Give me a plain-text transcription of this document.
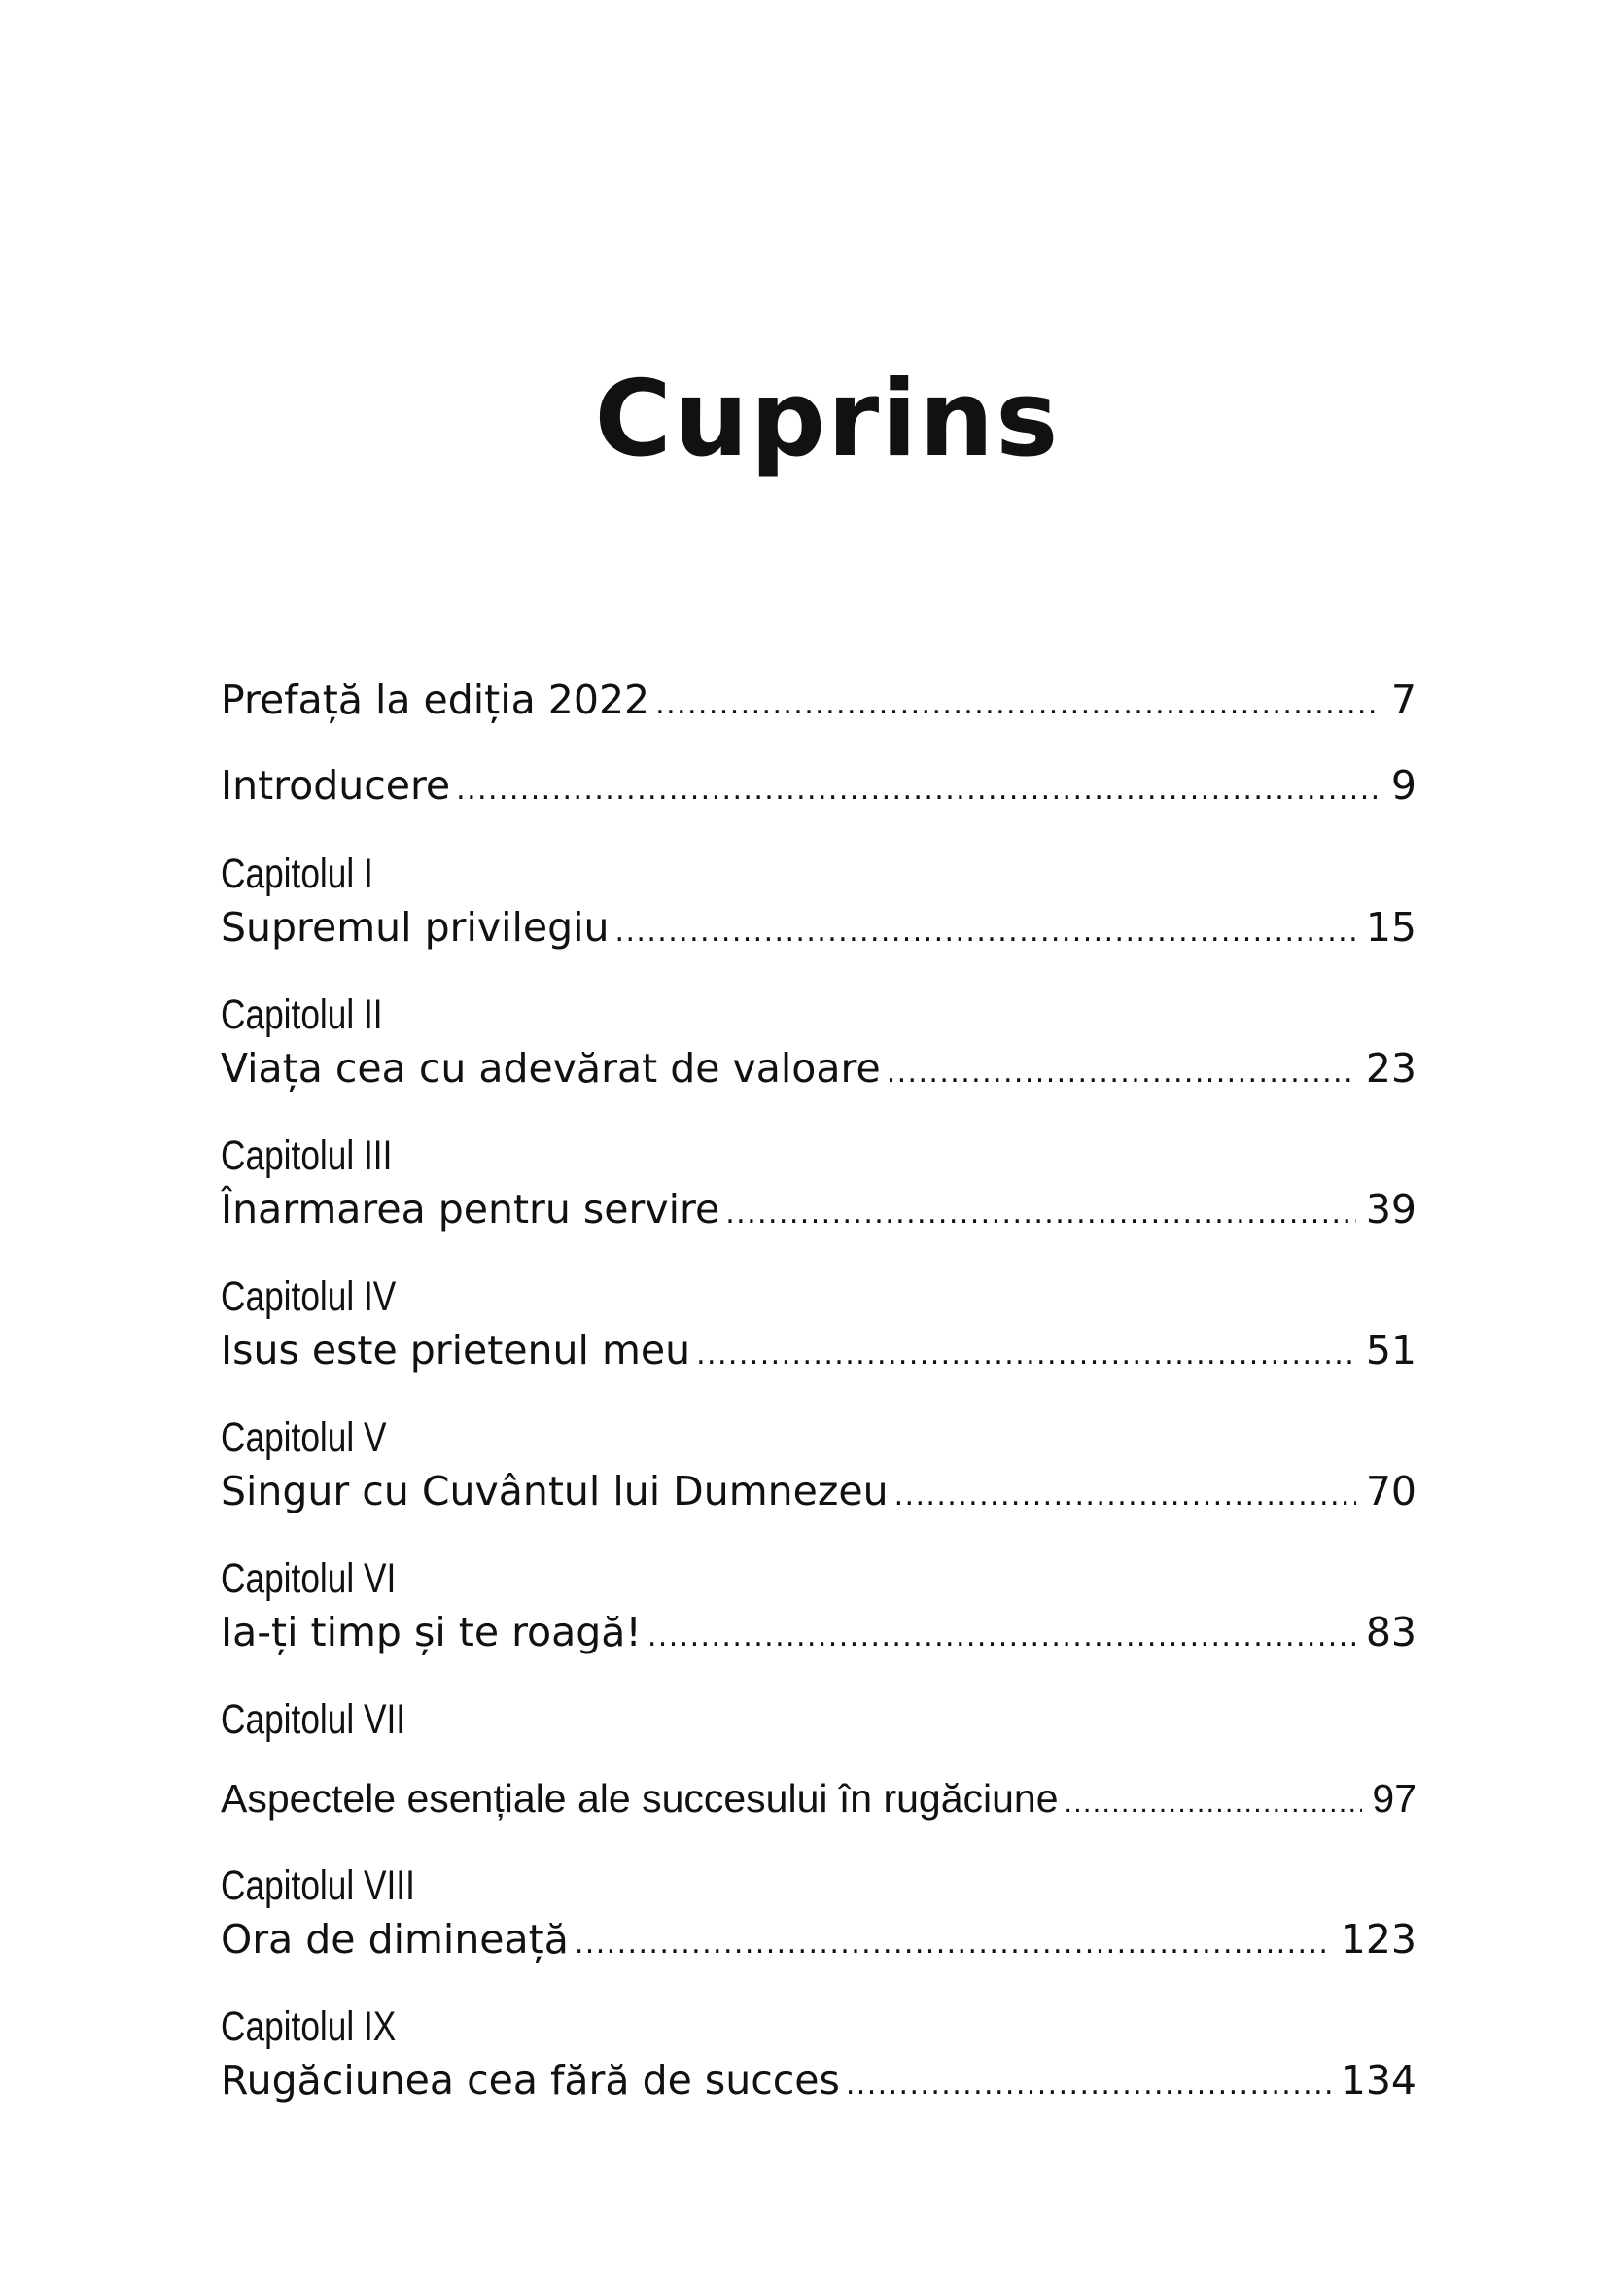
Cuprins
Prefață la ediția 2022 .....	7
Introducere .....	9
Capitolul I
Supremul privilegiu .....	15
Capitolul II
Viața cea cu adevărat de valoare .....	23
Capitolul III
Înarmarea pentru servire .....	39
Capitolul IV
Isus este prietenul meu .....	51
Capitolul V
Singur cu Cuvântul lui Dumnezeu .....	70
Capitolul VI
Ia-ți timp și te roagă! .....	83
Capitolul VII
Aspectele esențiale ale succesului în rugăciune .....	97
Capitolul VIII
Ora de dimineață .....	123
Capitolul IX
Rugăciunea cea fără de succes .....	134
